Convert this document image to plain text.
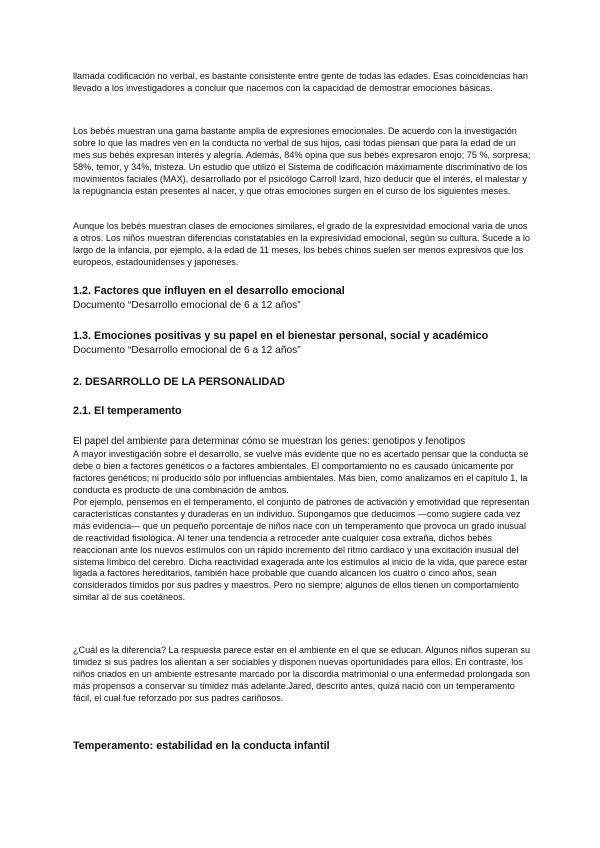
llamada codificación no verbal, es bastante consistente entre gente de todas las edades. Esas coincidencias han llevado a los investigadores a concluir que nacemos con la capacidad de demostrar emociones básicas.

Los bebés muestran una gama bastante amplia de expresiones emocionales. De acuerdo con la investigación sobre lo que las madres ven en la conducta no verbal de sus hijos, casi todas piensan que para la edad de un mes sus bebés expresan interés y alegría. Además, 84% opina que sus bebés expresaron enojo; 75 %, sorpresa; 58%, temor, y 34%, tristeza. Un estudio que utilizó el Sistema de codificación máximamente discriminativo de los movimientos faciales (MAX), desarrollado por el psicólogo Carroll Izard, hizo deducir que el interés, el malestar y la repugnancia están presentes al nacer, y que otras emociones surgen en el curso de los siguientes meses.

Aunque los bebés muestran clases de emociones similares, el grado de la expresividad emocional varía de unos a otros. Los niños muestran diferencias constatables en la expresividad emocional, según su cultura. Sucede a lo largo de la infancia, por ejemplo, a la edad de 11 meses, los bebés chinos suelen ser menos expresivos que los europeos, estadounidenses y japoneses.

1.2. Factores que influyen en el desarrollo emocional
Documento “Desarrollo emocional de 6 a 12 años”
1.3. Emociones positivas y su papel en el bienestar personal, social y académico
Documento “Desarrollo emocional de 6 a 12 años”
2. DESARROLLO DE LA PERSONALIDAD
2.1. El temperamento
El papel del ambiente para determinar cómo se muestran los genes: genotipos y fenotipos

A mayor investigación sobre el desarrollo, se vuelve más evidente que no es acertado pensar que la conducta se debe o bien a factores genéticos o a factores ambientales. El comportamiento no es causado únicamente por factores genéticos; ni producido sólo por influencias ambientales. Más bien, como analizamos en el capítulo 1, la conducta es producto de una combinación de ambos.

Por ejemplo, pensemos en el temperamento, el conjunto de patrones de activación y emotividad que representan características constantes y duraderas en un individuo. Supongamos que deducimos —como sugiere cada vez más evidencia— que un pequeño porcentaje de niños nace con un temperamento que provoca un grado inusual de reactividad fisiológica. Al tener una tendencia a retroceder ante cualquier cosa extraña, dichos bebés reaccionan ante los nuevos estímulos con un rápido incremento del ritmo cardiaco y una excitación inusual del sistema límbico del cerebro. Dicha reactividad exagerada ante los estímulos al inicio de la vida, que parece estar ligada a factores hereditarios, también hace probable que cuando alcancen los cuatro o cinco años, sean considerados tímidos por sus padres y maestros. Pero no siempre; algunos de ellos tienen un comportamiento similar al de sus coetáneos.

¿Cuál es la diferencia? La respuesta parece estar en el ambiente en el que se educan. Algunos niños superan su timidez si sus padres los alientan a ser sociables y disponen nuevas oportunidades para ellos. En contraste, los niños criados en un ambiente estresante marcado por la discordia matrimonial o una enfermedad prolongada son más propensos a conservar su timidez más adelante.Jared, descrito antes, quizá nació con un temperamento fácil, el cual fue reforzado por sus padres cariñosos.

Temperamento: estabilidad en la conducta infantil
